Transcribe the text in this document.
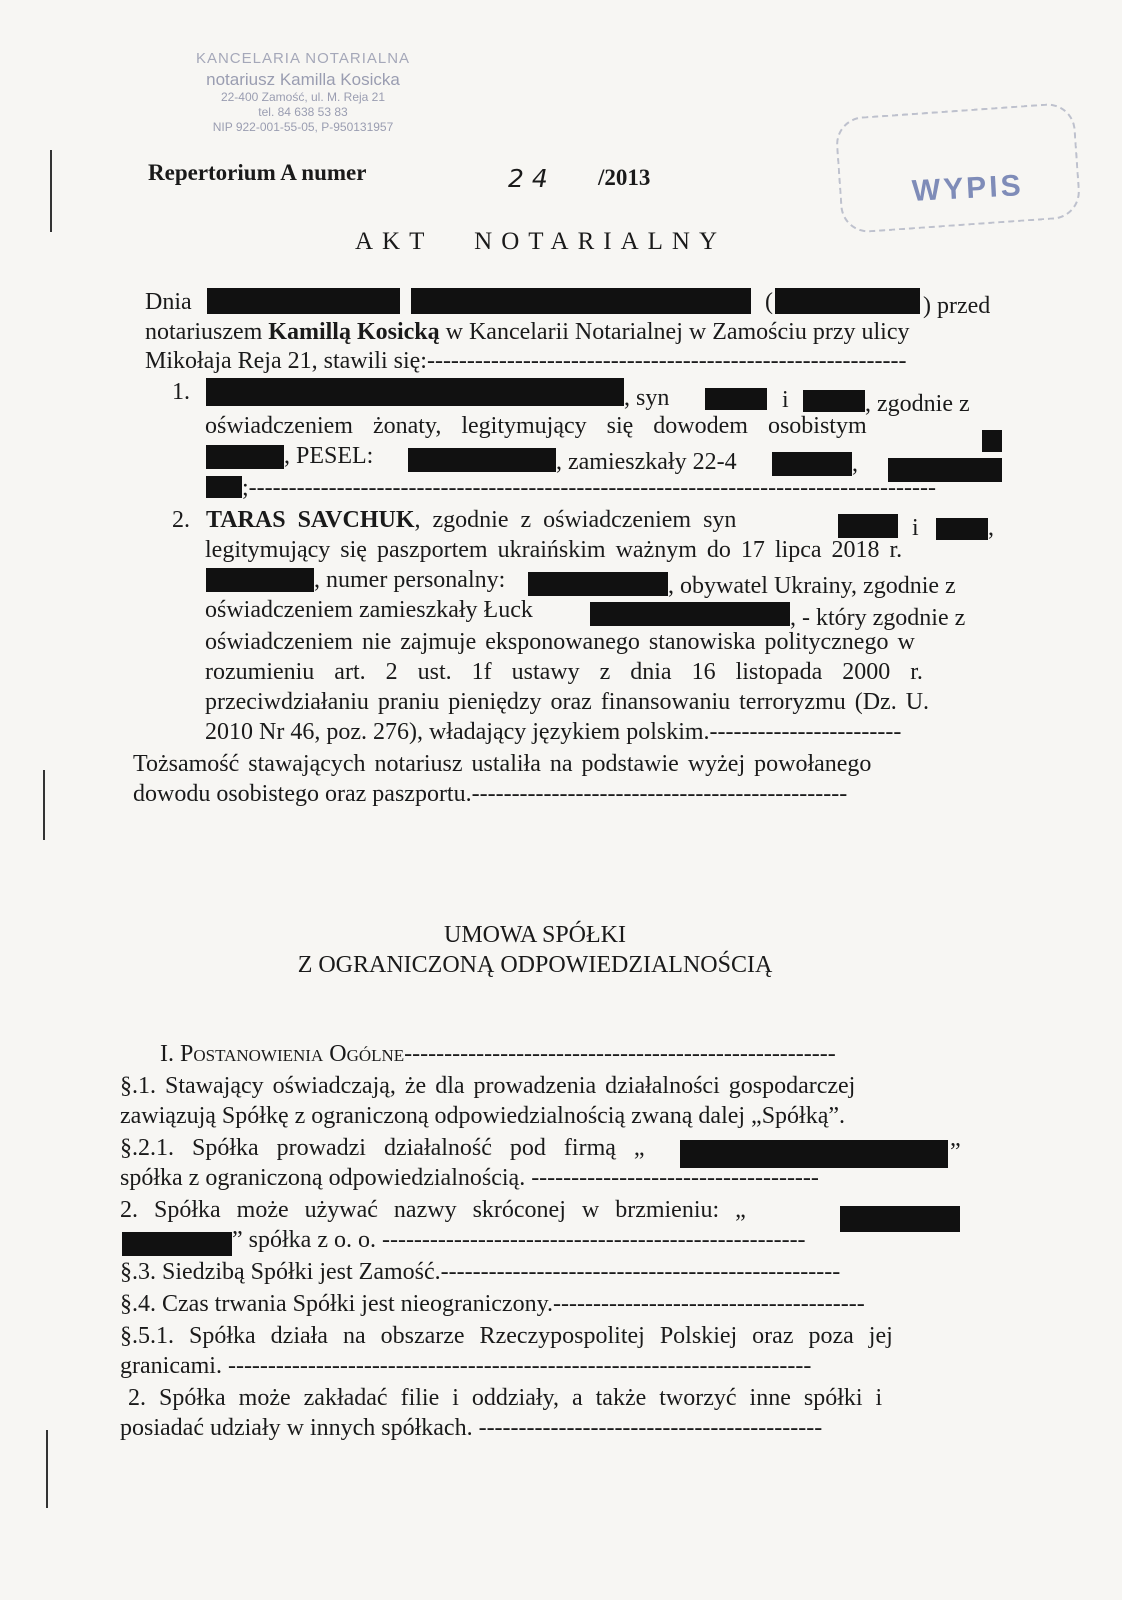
KANCELARIA NOTARIALNA
notariusz Kamilla Kosicka
22-400 Zamość, ul. M. Reja 21
tel. 84 638 53 83
NIP 922-001-55-05, P-950131957
Repertorium A numer	2 4 /2013	WYPIS
AKT NOTARIALNY
Dnia	(	) przed
notariuszem Kamillą Kosicką w Kancelarii Notarialnej w Zamościu przy ulicy
Mikołaja Reja 21, stawili się:------------------------------------------------------------
1.	, syn	i	, zgodnie z
oświadczeniem żonaty, legitymujący się dowodem osobistym
, PESEL:	, zamieszkały 22-4	,
;--------------------------------------------------------------------------------------
2. TARAS SAVCHUK, zgodnie z oświadczeniem syn	i	,
legitymujący się paszportem ukraińskim ważnym do 17 lipca 2018 r.
, numer personalny:	, obywatel Ukrainy, zgodnie z
oświadczeniem zamieszkały Łuck	, - który zgodnie z
oświadczeniem nie zajmuje eksponowanego stanowiska politycznego w
rozumieniu art. 2 ust. 1f ustawy z dnia 16 listopada 2000 r.
przeciwdziałaniu praniu pieniędzy oraz finansowaniu terroryzmu (Dz. U.
2010 Nr 46, poz. 276), władający językiem polskim.------------------------
Tożsamość stawających notariusz ustaliła na podstawie wyżej powołanego
dowodu osobistego oraz paszportu.-----------------------------------------------
UMOWA SPÓŁKI
Z OGRANICZONĄ ODPOWIEDZIALNOŚCIĄ
I. Postanowienia Ogólne------------------------------------------------------
§.1. Stawający oświadczają, że dla prowadzenia działalności gospodarczej
zawiązują Spółkę z ograniczoną odpowiedzialnością zwaną dalej „Spółką”.
§.2.1. Spółka prowadzi działalność pod firmą „	”
spółka z ograniczoną odpowiedzialnością. ------------------------------------
2. Spółka może używać nazwy skróconej w brzmieniu: „
” spółka z o. o. -----------------------------------------------------
§.3. Siedzibą Spółki jest Zamość.--------------------------------------------------
§.4. Czas trwania Spółki jest nieograniczony.---------------------------------------
§.5.1. Spółka działa na obszarze Rzeczypospolitej Polskiej oraz poza jej
granicami. -------------------------------------------------------------------------
2. Spółka może zakładać filie i oddziały, a także tworzyć inne spółki i
posiadać udziały w innych spółkach. -------------------------------------------
